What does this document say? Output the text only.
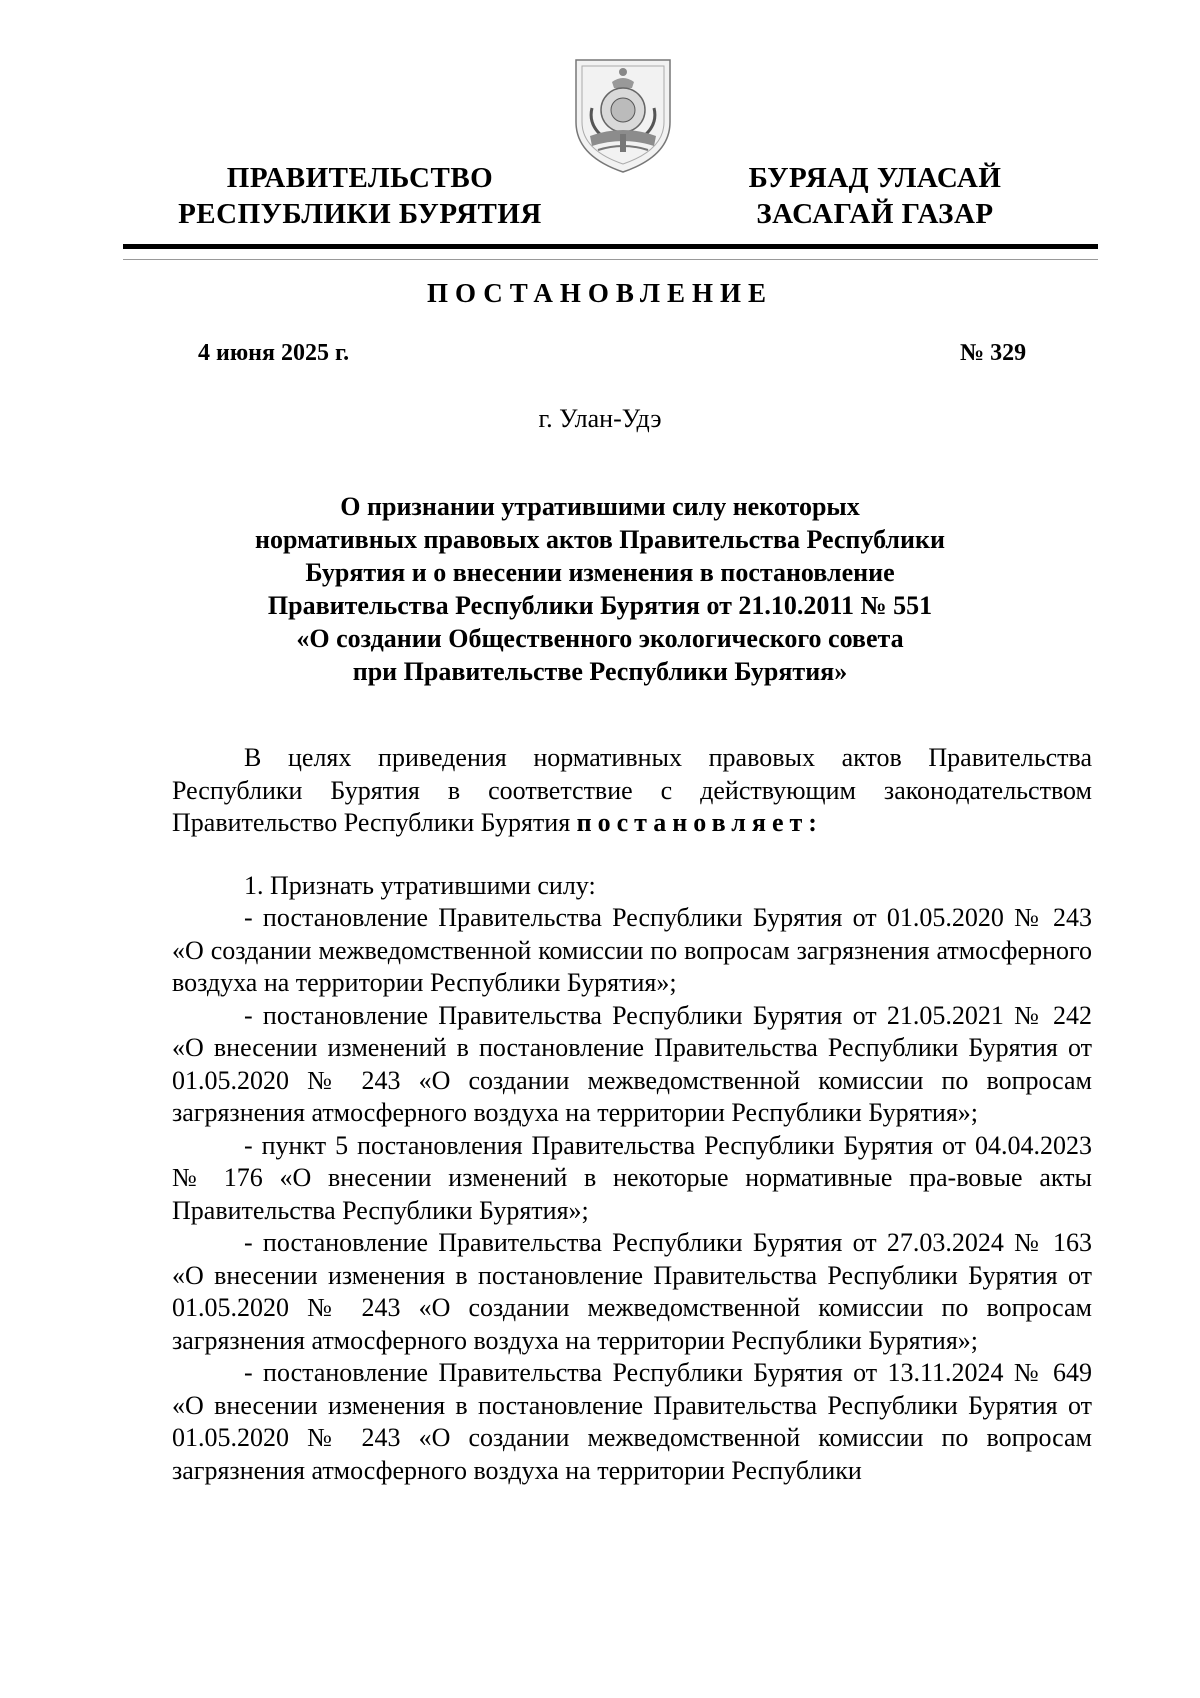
ПРАВИТЕЛЬСТВО
РЕСПУБЛИКИ БУРЯТИЯ
БУРЯАД УЛАСАЙ
ЗАСАГАЙ ГАЗАР
ПОСТАНОВЛЕНИЕ
4 июня 2025 г.	№ 329
г. Улан-Удэ
О признании утратившими силу некоторых
нормативных правовых актов Правительства Республики
Бурятия и о внесении изменения в постановление
Правительства Республики Бурятия от 21.10.2011 № 551
«О создании Общественного экологического совета
при Правительстве Республики Бурятия»

В целях приведения нормативных правовых актов Правительства Республики Бурятия в соответствие с действующим законодательством Правительство Республики Бурятия постановляет:

1. Признать утратившими силу:

- постановление Правительства Республики Бурятия от 01.05.2020 № 243 «О создании межведомственной комиссии по вопросам загрязнения атмосферного воздуха на территории Республики Бурятия»;

- постановление Правительства Республики Бурятия от 21.05.2021 № 242 «О внесении изменений в постановление Правительства Республики Бурятия от 01.05.2020 № 243 «О создании межведомственной комиссии по вопросам загрязнения атмосферного воздуха на территории Республики Бурятия»;

- пункт 5 постановления Правительства Республики Бурятия от 04.04.2023 № 176 «О внесении изменений в некоторые нормативные пра-вовые акты Правительства Республики Бурятия»;

- постановление Правительства Республики Бурятия от 27.03.2024 № 163 «О внесении изменения в постановление Правительства Республики Бурятия от 01.05.2020 № 243 «О создании межведомственной комиссии по вопросам загрязнения атмосферного воздуха на территории Республики Бурятия»;

- постановление Правительства Республики Бурятия от 13.11.2024 № 649 «О внесении изменения в постановление Правительства Республики Бурятия от 01.05.2020 № 243 «О создании межведомственной комиссии по вопросам загрязнения атмосферного воздуха на территории Республики
